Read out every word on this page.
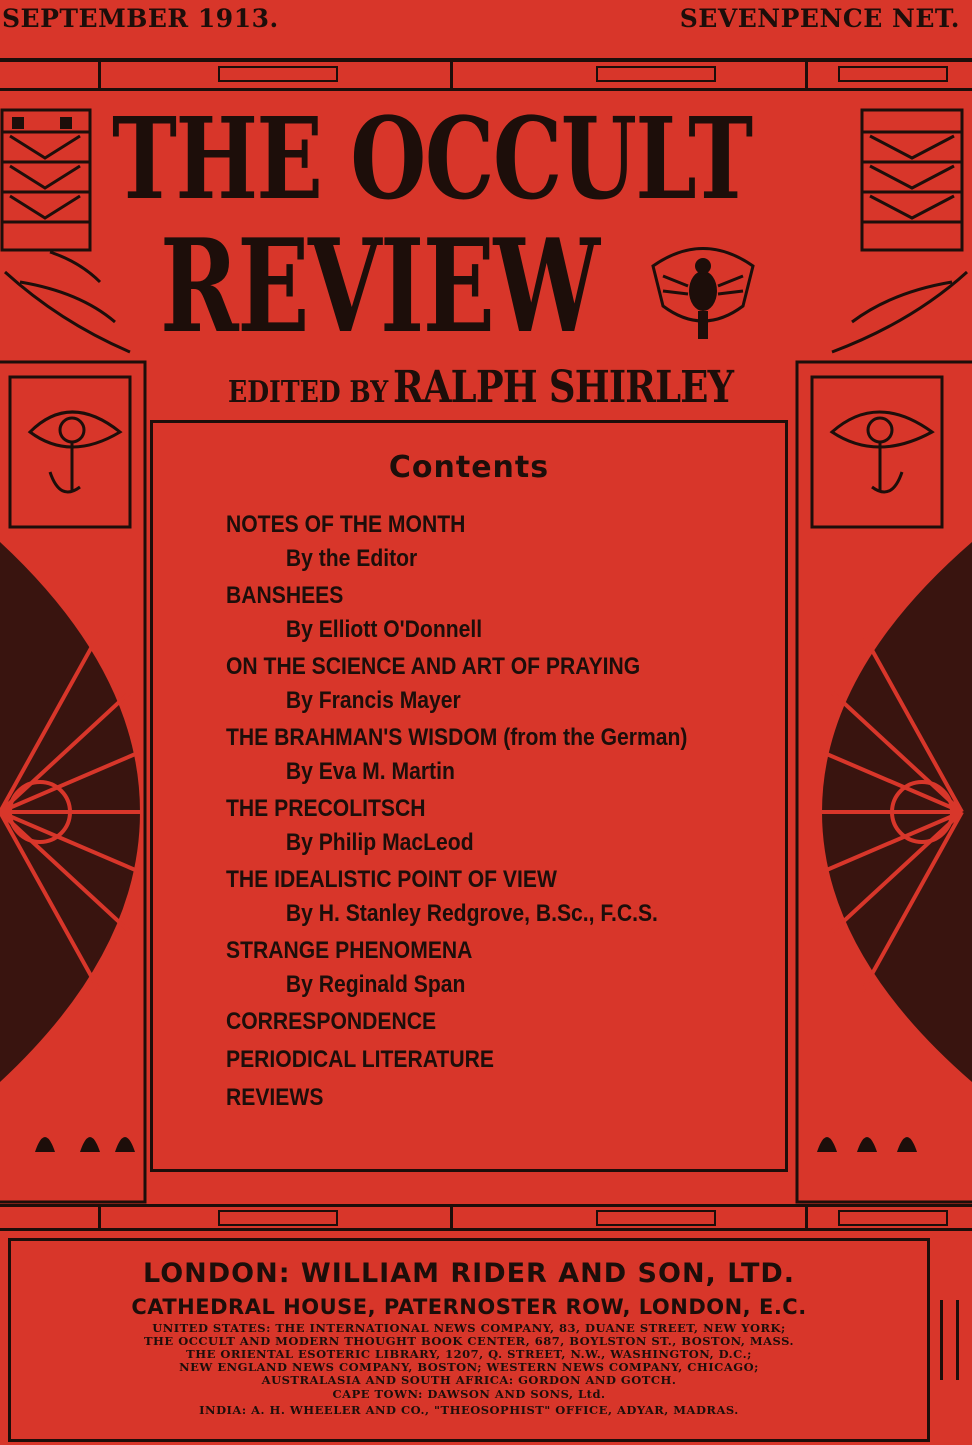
SEPTEMBER 1913.	SEVENPENCE NET.
THE OCCULT
REVIEW
EDITED BY RALPH SHIRLEY
Contents
NOTES OF THE MONTH
By the Editor
BANSHEES
By Elliott O'Donnell
ON THE SCIENCE AND ART OF PRAYING
By Francis Mayer
THE BRAHMAN'S WISDOM (from the German)
By Eva M. Martin
THE PRECOLITSCH
By Philip MacLeod
THE IDEALISTIC POINT OF VIEW
By H. Stanley Redgrove, B.Sc., F.C.S.
STRANGE PHENOMENA
By Reginald Span
CORRESPONDENCE
PERIODICAL LITERATURE
REVIEWS
LONDON: WILLIAM RIDER AND SON, LTD.
CATHEDRAL HOUSE, PATERNOSTER ROW, LONDON, E.C.
UNITED STATES: THE INTERNATIONAL NEWS COMPANY, 83, DUANE STREET, NEW YORK;
THE OCCULT AND MODERN THOUGHT BOOK CENTER, 687, BOYLSTON ST., BOSTON, MASS.
THE ORIENTAL ESOTERIC LIBRARY, 1207, Q. STREET, N.W., WASHINGTON, D.C.;
NEW ENGLAND NEWS COMPANY, BOSTON; WESTERN NEWS COMPANY, CHICAGO;
AUSTRALASIA AND SOUTH AFRICA: GORDON AND GOTCH.
CAPE TOWN: DAWSON AND SONS, Ltd.
INDIA: A. H. WHEELER AND CO., "THEOSOPHIST" OFFICE, ADYAR, MADRAS.
